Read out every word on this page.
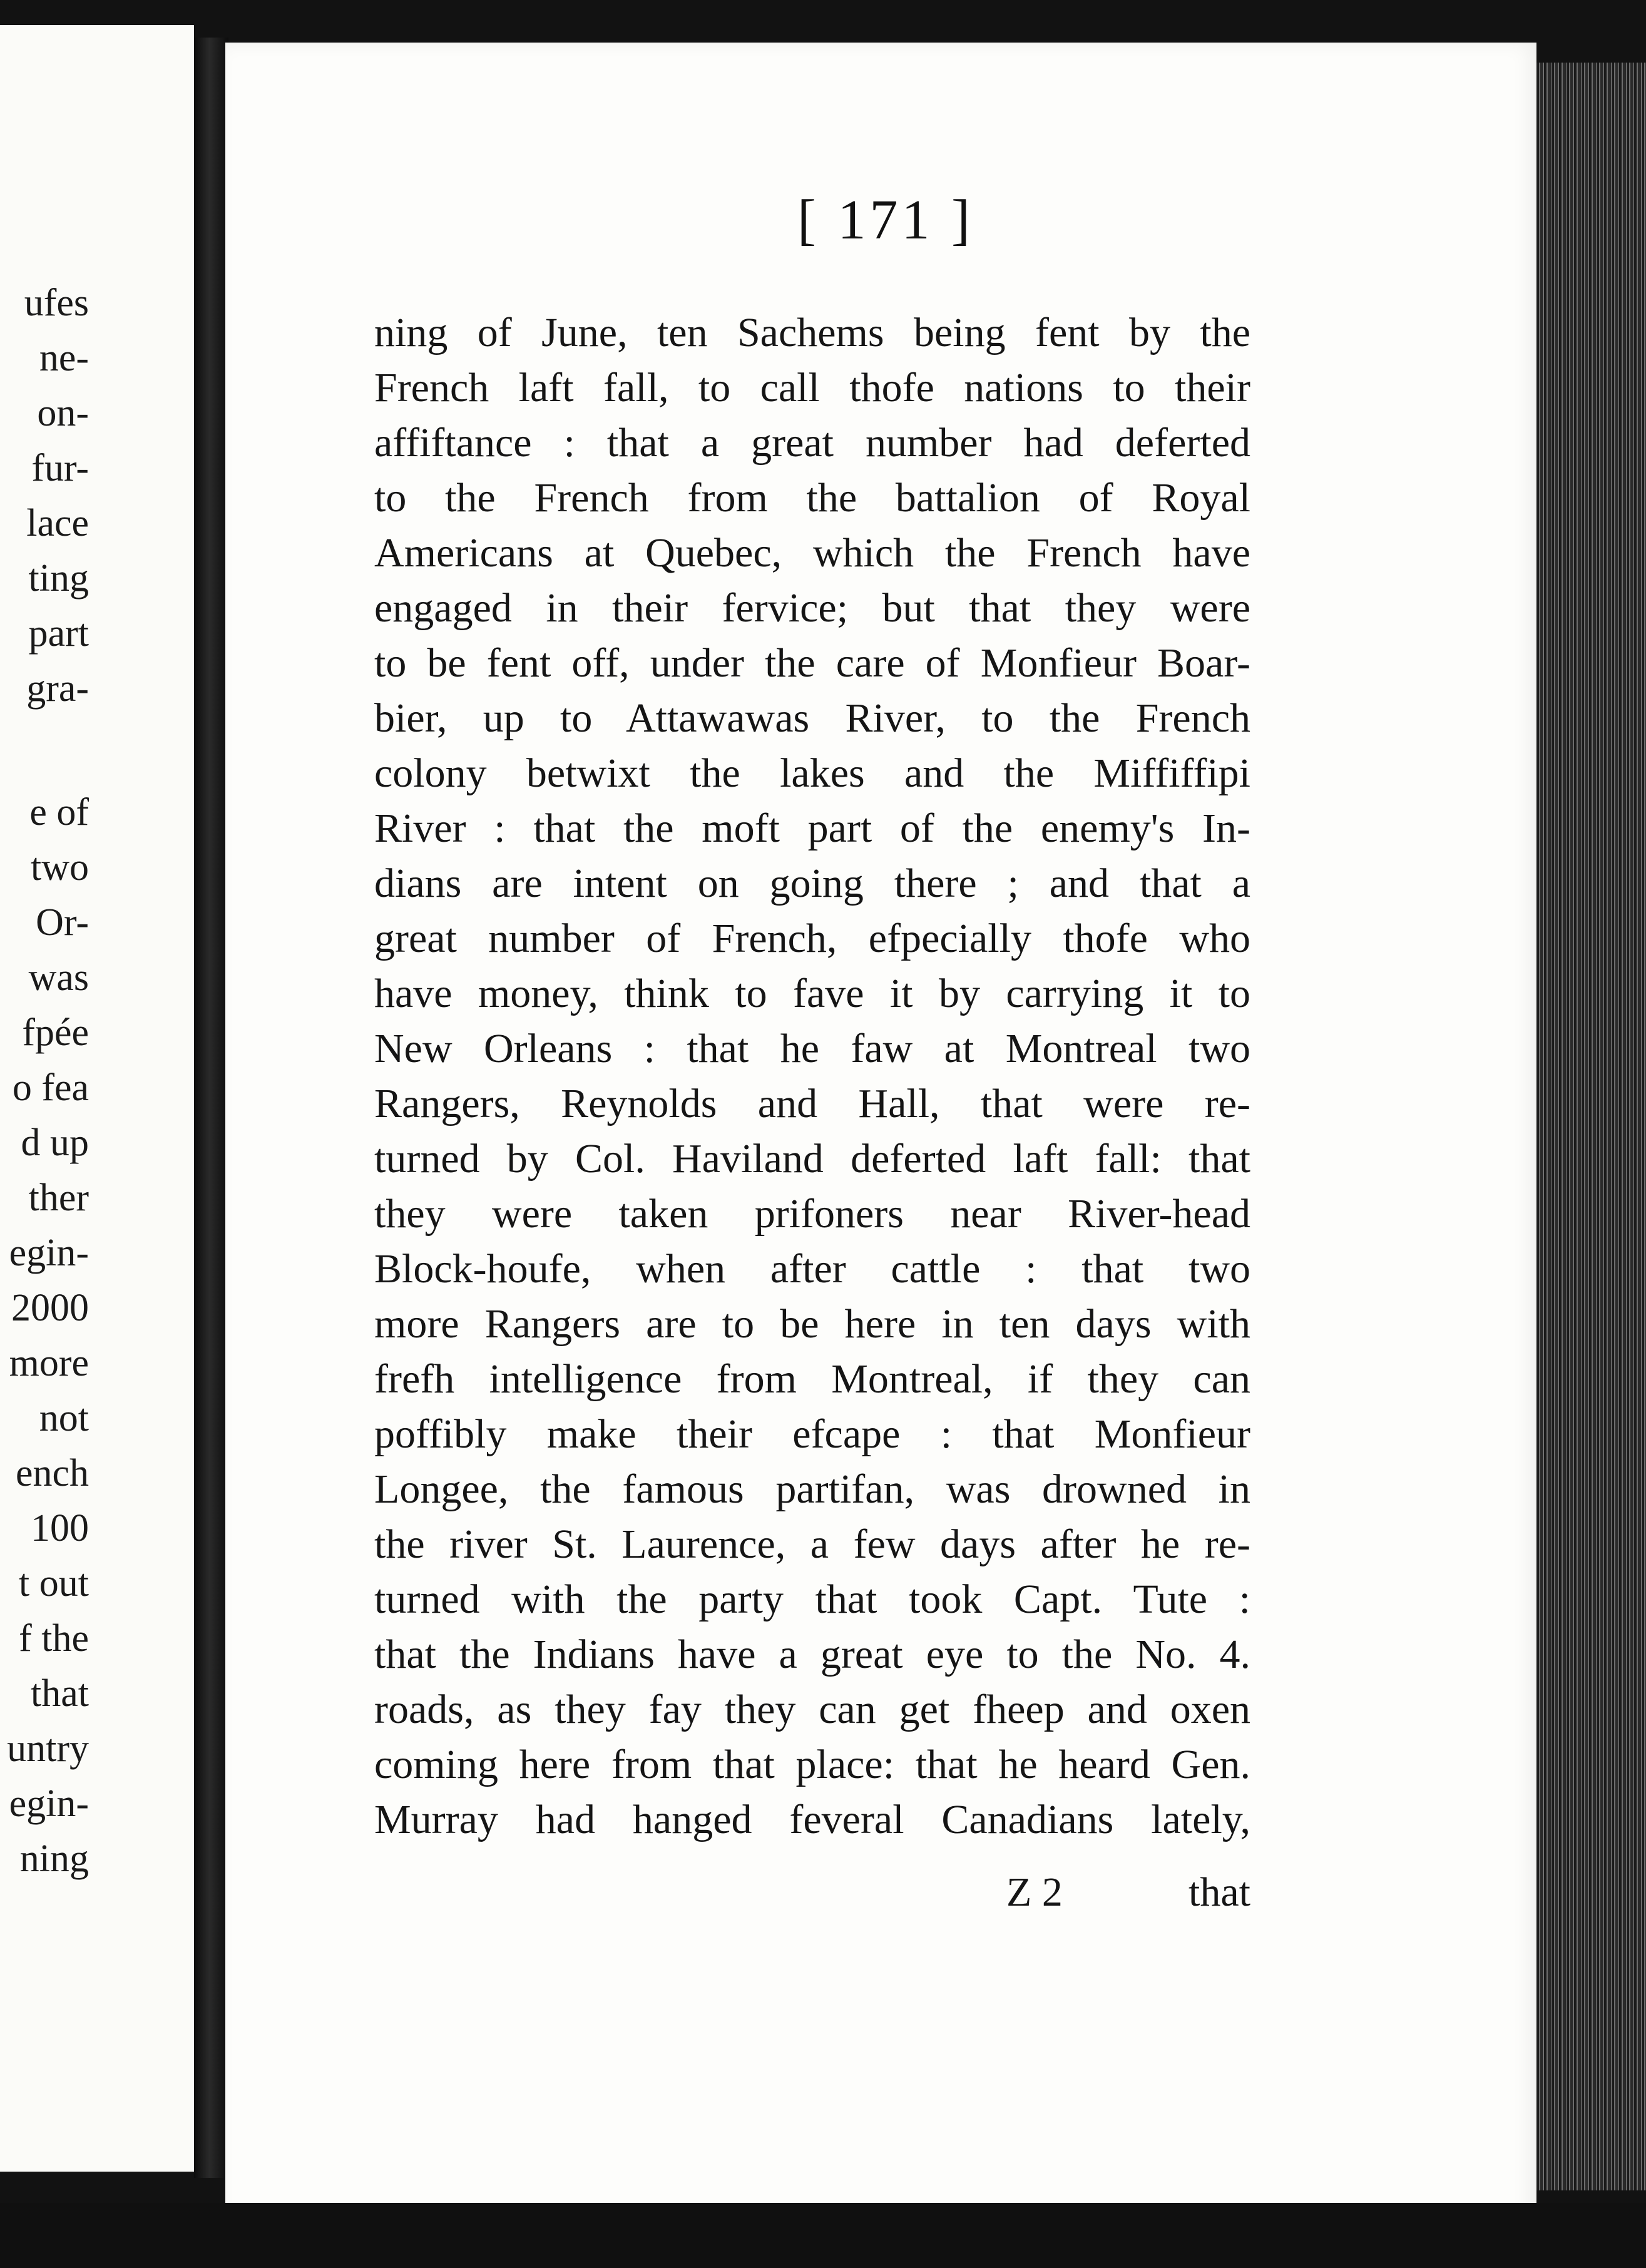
ufes
ne-
on-
fur-
lace
ting
part
gra-
e of
two
Or-
was
fpée
o fea
d up
ther
egin-
2000
more
not
ench
100
t out
f the
that
untry
egin-
ning
[ 171 ]
ning of June, ten Sachems being fent by the
French laft fall, to call thofe nations to their
affiftance : that a great number had deferted
to the French from the battalion of Royal
Americans at Quebec, which the French have
engaged in their fervice; but that they were
to be fent off, under the care of Monfieur Boar-
bier, up to Attawawas River, to the French
colony betwixt the lakes and the Miffiffipi
River : that the moft part of the enemy's In-
dians are intent on going there ; and that a
great number of French, efpecially thofe who
have money, think to fave it by carrying it to
New Orleans : that he faw at Montreal two
Rangers, Reynolds and Hall, that were re-
turned by Col. Haviland deferted laft fall: that
they were taken prifoners near River-head
Block-houfe, when after cattle : that two
more Rangers are to be here in ten days with
frefh intelligence from Montreal, if they can
poffibly make their efcape : that Monfieur
Longee, the famous partifan, was drowned in
the river St. Laurence, a few days after he re-
turned with the party that took Capt. Tute :
that the Indians have a great eye to the No. 4.
roads, as they fay they can get fheep and oxen
coming here from that place: that he heard Gen.
Murray had hanged feveral Canadians lately,
Z 2	that
